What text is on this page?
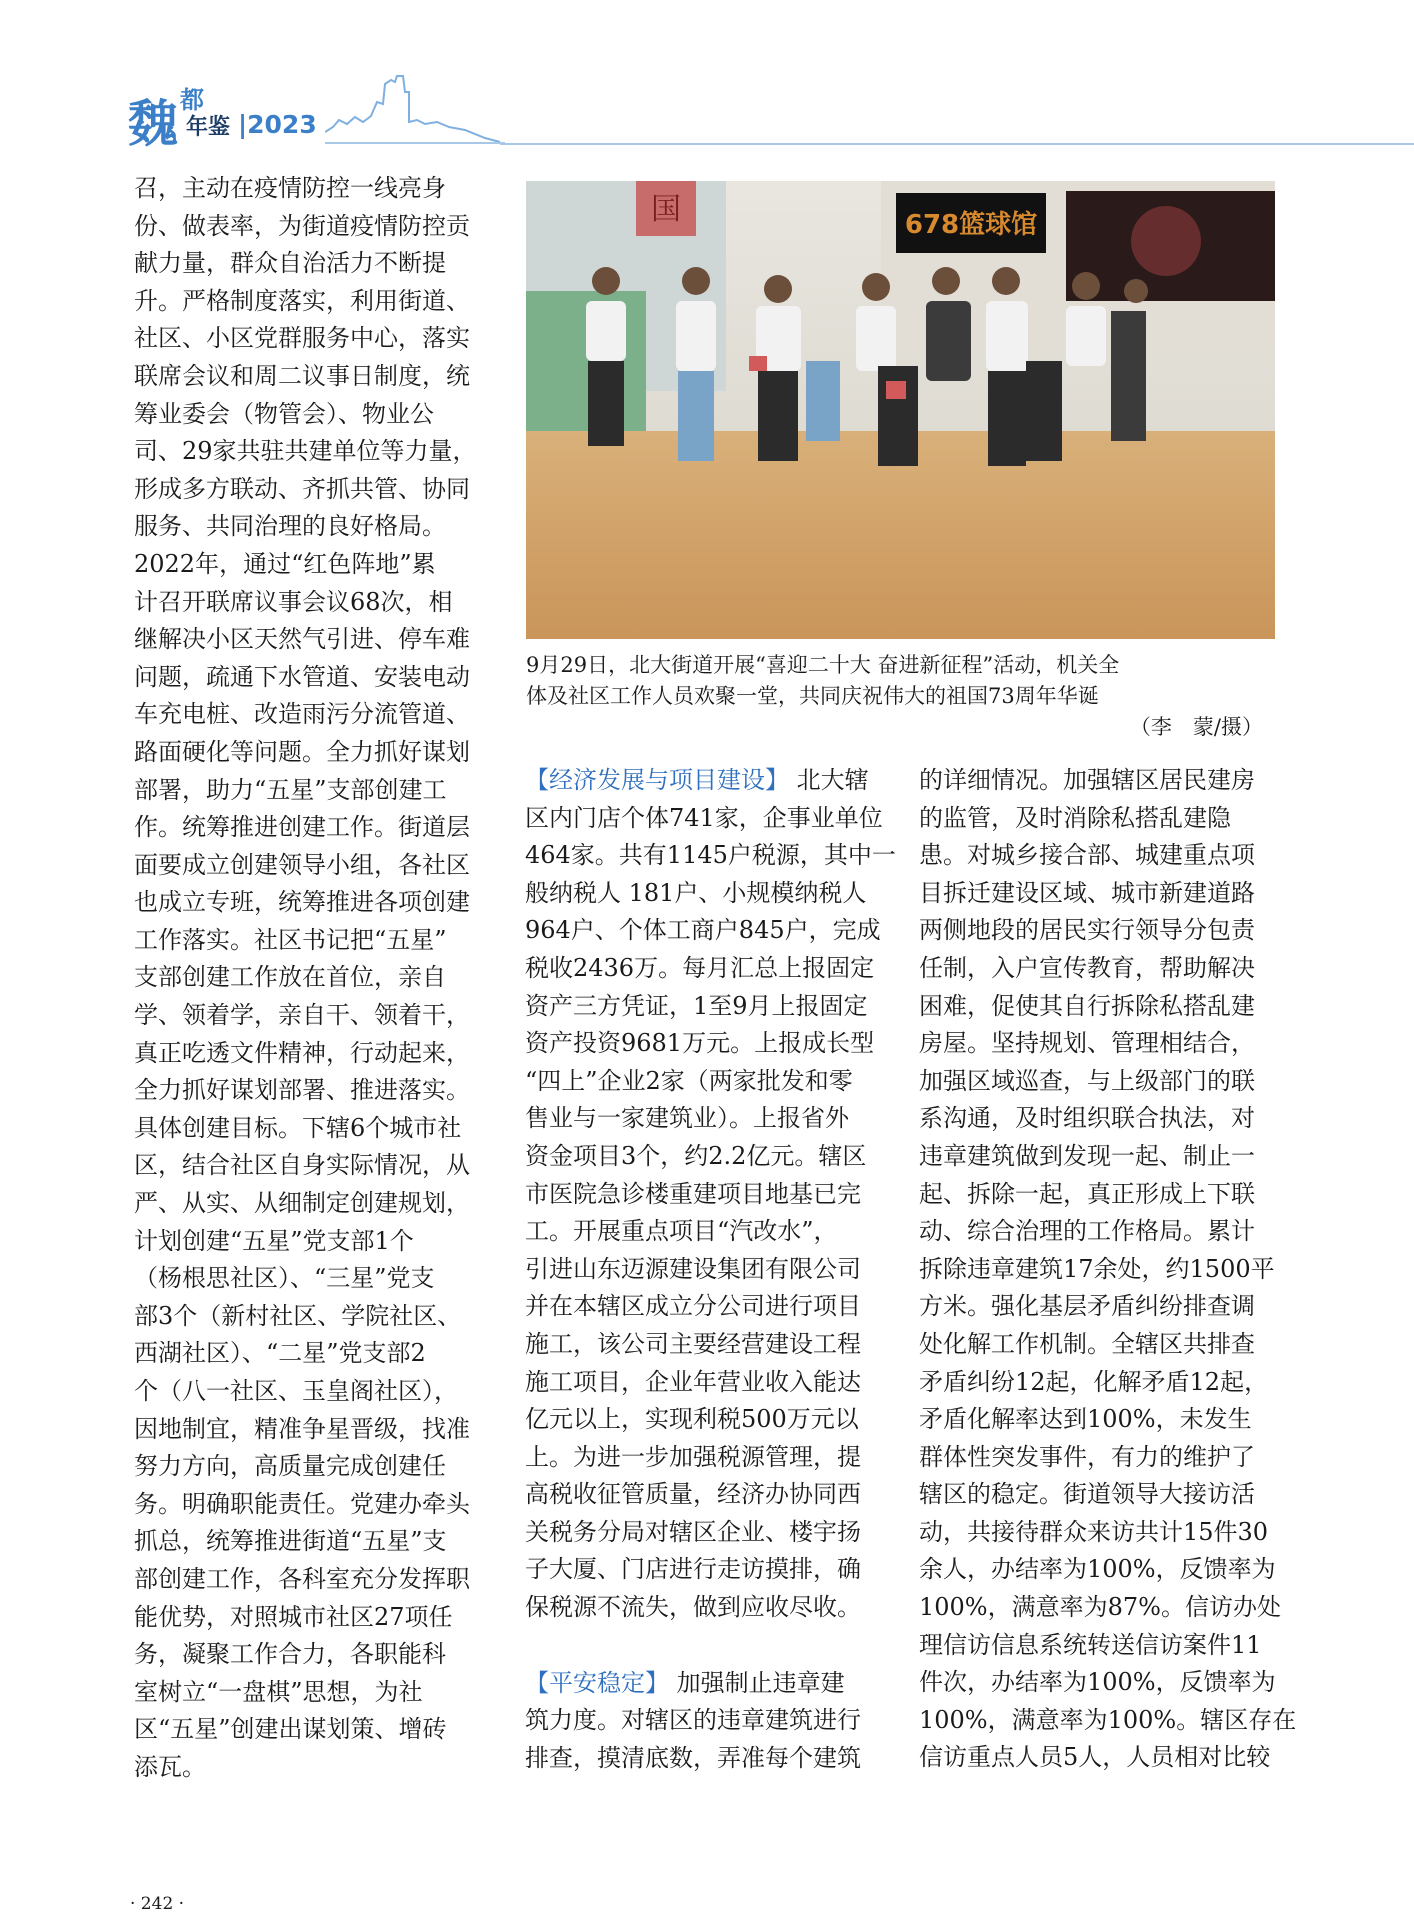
魏 都
年鉴 |2023
召，主动在疫情防控一线亮身
份、做表率，为街道疫情防控贡
献力量，群众自治活力不断提
升。严格制度落实，利用街道、
社区、小区党群服务中心，落实
联席会议和周二议事日制度，统
筹业委会（物管会）、物业公
司、29家共驻共建单位等力量，
形成多方联动、齐抓共管、协同
服务、共同治理的良好格局。
2022年，通过“红色阵地”累
计召开联席议事会议68次，相
继解决小区天然气引进、停车难
问题，疏通下水管道、安装电动
车充电桩、改造雨污分流管道、
路面硬化等问题。全力抓好谋划
部署，助力“五星”支部创建工
作。统筹推进创建工作。街道层
面要成立创建领导小组，各社区
也成立专班，统筹推进各项创建
工作落实。社区书记把“五星”
支部创建工作放在首位，亲自
学、领着学，亲自干、领着干，
真正吃透文件精神，行动起来，
全力抓好谋划部署、推进落实。
具体创建目标。下辖6个城市社
区，结合社区自身实际情况，从
严、从实、从细制定创建规划，
计划创建“五星”党支部1个
（杨根思社区）、“三星”党支
部3个（新村社区、学院社区、
西湖社区）、“二星”党支部2
个（八一社区、玉皇阁社区），
因地制宜，精准争星晋级，找准
努力方向，高质量完成创建任
务。明确职能责任。党建办牵头
抓总，统筹推进街道“五星”支
部创建工作，各科室充分发挥职
能优势，对照城市社区27项任
务，凝聚工作合力，各职能科
室树立“一盘棋”思想，为社
区“五星”创建出谋划策、增砖
添瓦。
国	678篮球馆
9月29日，北大街道开展“喜迎二十大 奋进新征程”活动，机关全
体及社区工作人员欢聚一堂，共同庆祝伟大的祖国73周年华诞
（李　蒙/摄）
【经济发展与项目建设】 北大辖
区内门店个体741家，企事业单位
464家。共有1145户税源，其中一
般纳税人 181户、小规模纳税人
964户、个体工商户845户，完成
税收2436万。每月汇总上报固定
资产三方凭证，1至9月上报固定
资产投资9681万元。上报成长型
“四上”企业2家（两家批发和零
售业与一家建筑业）。上报省外
资金项目3个，约2.2亿元。辖区
市医院急诊楼重建项目地基已完
工。开展重点项目“汽改水”，
引进山东迈源建设集团有限公司
并在本辖区成立分公司进行项目
施工，该公司主要经营建设工程
施工项目，企业年营业收入能达
亿元以上，实现利税500万元以
上。为进一步加强税源管理，提
高税收征管质量，经济办协同西
关税务分局对辖区企业、楼宇扬
子大厦、门店进行走访摸排，确
保税源不流失，做到应收尽收。
【平安稳定】 加强制止违章建
筑力度。对辖区的违章建筑进行
排查，摸清底数，弄准每个建筑
的详细情况。加强辖区居民建房
的监管，及时消除私搭乱建隐
患。对城乡接合部、城建重点项
目拆迁建设区域、城市新建道路
两侧地段的居民实行领导分包责
任制，入户宣传教育，帮助解决
困难，促使其自行拆除私搭乱建
房屋。坚持规划、管理相结合，
加强区域巡查，与上级部门的联
系沟通，及时组织联合执法，对
违章建筑做到发现一起、制止一
起、拆除一起，真正形成上下联
动、综合治理的工作格局。累计
拆除违章建筑17余处，约1500平
方米。强化基层矛盾纠纷排查调
处化解工作机制。全辖区共排查
矛盾纠纷12起，化解矛盾12起，
矛盾化解率达到100%，未发生
群体性突发事件，有力的维护了
辖区的稳定。街道领导大接访活
动，共接待群众来访共计15件30
余人，办结率为100%，反馈率为
100%，满意率为87%。信访办处
理信访信息系统转送信访案件11
件次，办结率为100%，反馈率为
100%，满意率为100%。辖区存在
信访重点人员5人，人员相对比较
· 242 ·
